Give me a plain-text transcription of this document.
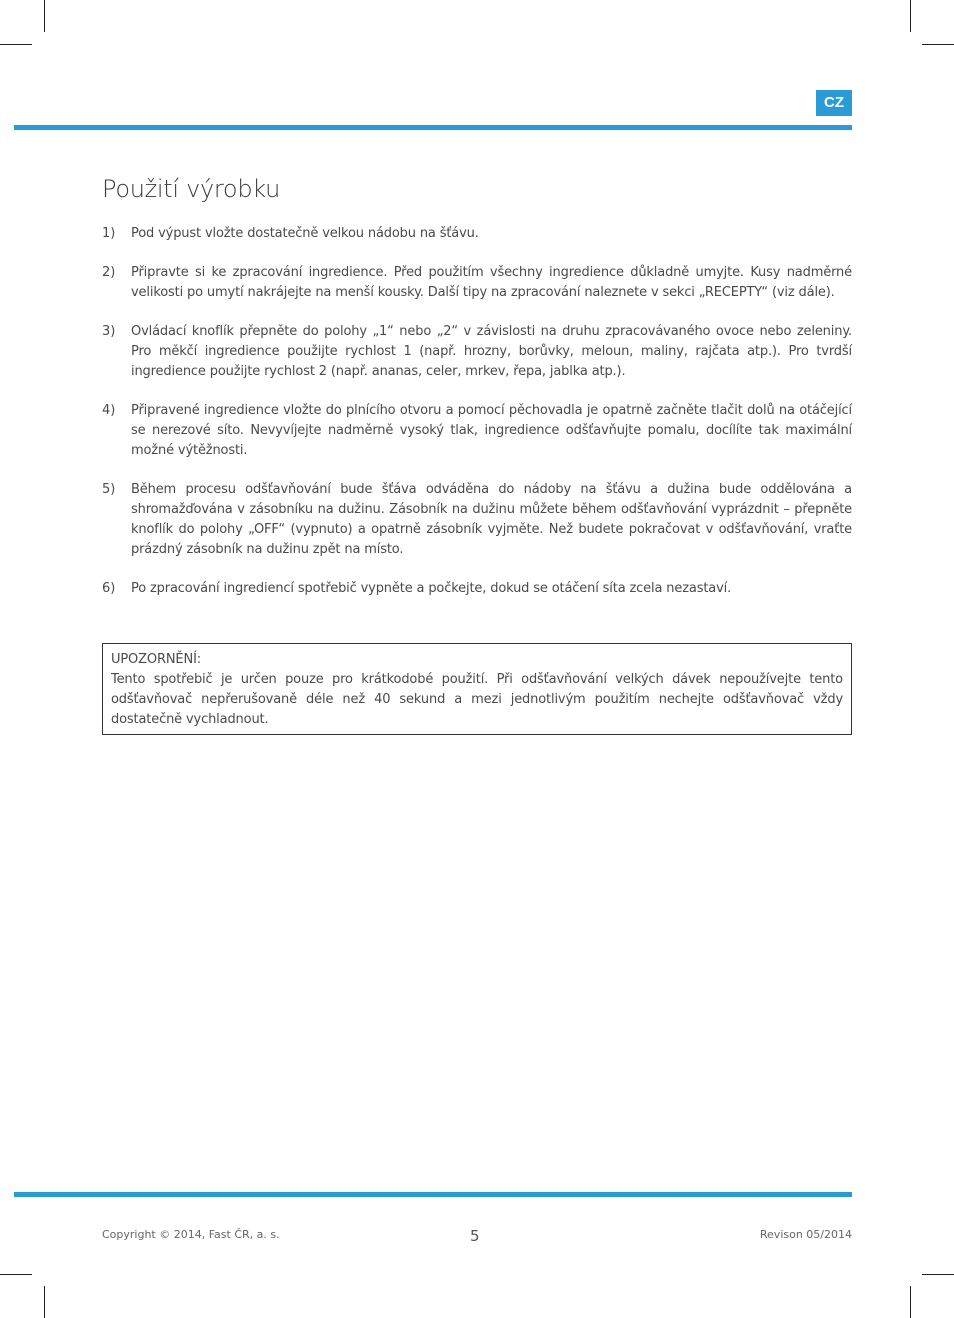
CZ
Použití výrobku
1)	Pod výpust vložte dostatečně velkou nádobu na šťávu.
2)	Připravte si ke zpracování ingredience. Před použitím všechny ingredience důkladně umyjte. Kusy nadměrné velikosti po umytí nakrájejte na menší kousky. Další tipy na zpracování naleznete v sekci „RECEPTY“ (viz dále).
3)	Ovládací knoflík přepněte do polohy „1“ nebo „2“ v závislosti na druhu zpracovávaného ovoce nebo zeleniny. Pro měkčí ingredience použijte rychlost 1 (např. hrozny, borůvky, meloun, maliny, rajčata atp.). Pro tvrdší ingredience použijte rychlost 2 (např. ananas, celer, mrkev, řepa, jablka atp.).
4)	Připravené ingredience vložte do plnícího otvoru a pomocí pěchovadla je opatrně začněte tlačit dolů na otáčející se nerezové síto. Nevyvíjejte nadměrně vysoký tlak, ingredience odšťavňujte pomalu, docílíte tak maximální možné výtěžnosti.
5)	Během procesu odšťavňování bude šťáva odváděna do nádoby na šťávu a dužina bude oddělována a shromažďována v zásobníku na dužinu. Zásobník na dužinu můžete během odšťavňování vyprázdnit – přepněte knoflík do polohy „OFF“ (vypnuto) a opatrně zásobník vyjměte. Než budete pokračovat v odšťavňování, vraťte prázdný zásobník na dužinu zpět na místo.
6)	Po zpracování ingrediencí spotřebič vypněte a počkejte, dokud se otáčení síta zcela nezastaví.
UPOZORNĚNÍ:
Tento spotřebič je určen pouze pro krátkodobé použití. Při odšťavňování velkých dávek nepoužívejte tento odšťavňovač nepřerušovaně déle než 40 sekund a mezi jednotlivým použitím nechejte odšťavňovač vždy dostatečně vychladnout.
Copyright © 2014, Fast ČR, a. s.	5	Revison 05/2014
